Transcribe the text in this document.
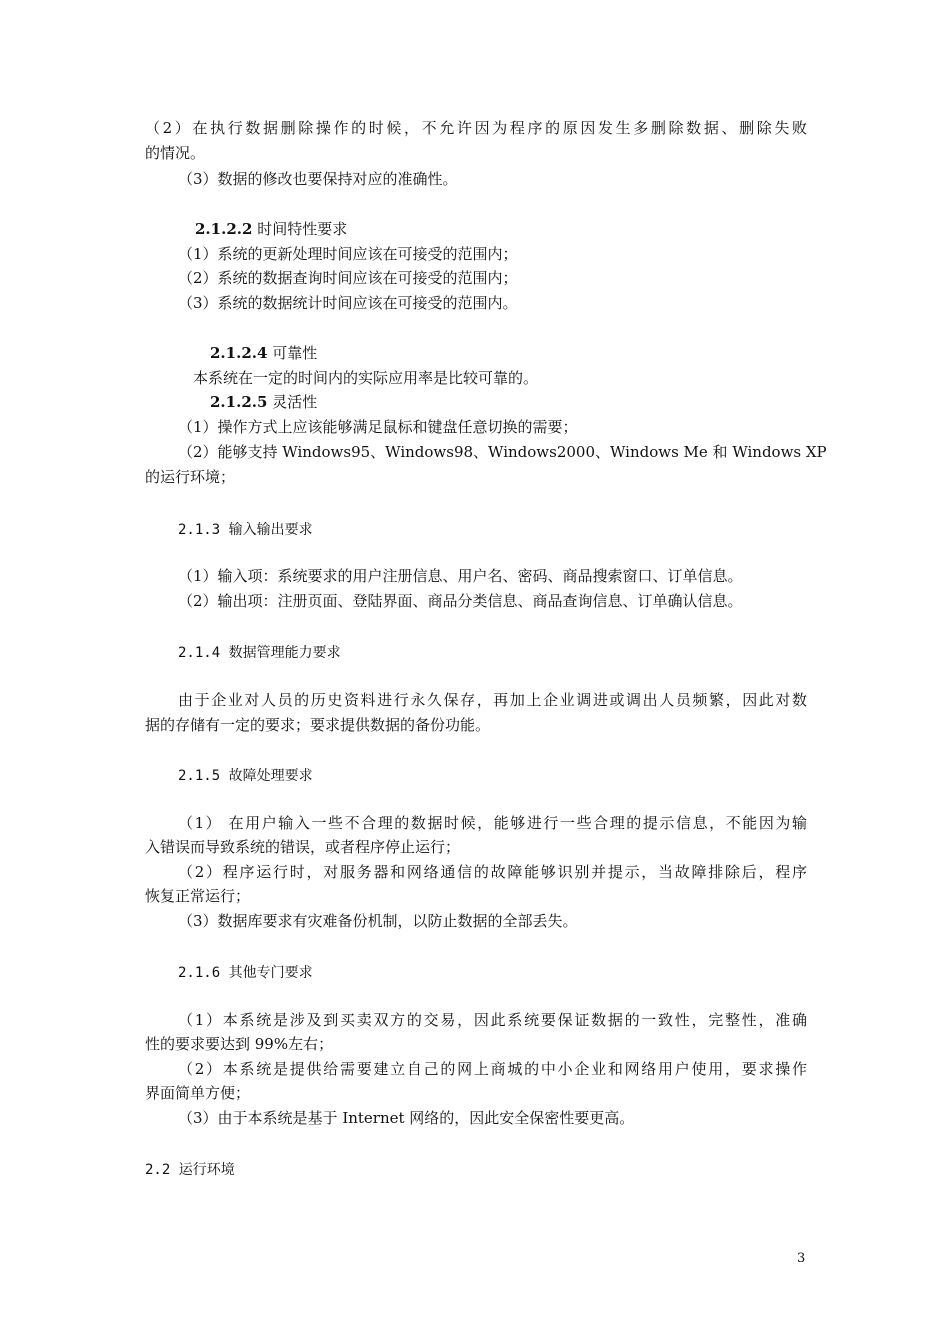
（2）在执行数据删除操作的时候，不允许因为程序的原因发生多删除数据、删除失败
的情况。
（3）数据的修改也要保持对应的准确性。
2.1.2.2 时间特性要求
（1）系统的更新处理时间应该在可接受的范围内；
（2）系统的数据查询时间应该在可接受的范围内；
（3）系统的数据统计时间应该在可接受的范围内。
2.1.2.4 可靠性
本系统在一定的时间内的实际应用率是比较可靠的。
2.1.2.5 灵活性
（1）操作方式上应该能够满足鼠标和键盘任意切换的需要；
（2）能够支持 Windows95、Windows98、Windows2000、Windows Me 和 Windows XP
的运行环境；
2.1.3 输入输出要求
（1）输入项：系统要求的用户注册信息、用户名、密码、商品搜索窗口、订单信息。
（2）输出项：注册页面、登陆界面、商品分类信息、商品查询信息、订单确认信息。
2.1.4 数据管理能力要求
由于企业对人员的历史资料进行永久保存，再加上企业调进或调出人员频繁，因此对数
据的存储有一定的要求；要求提供数据的备份功能。
2.1.5 故障处理要求
（1） 在用户输入一些不合理的数据时候，能够进行一些合理的提示信息，不能因为输
入错误而导致系统的错误，或者程序停止运行；
（2）程序运行时，对服务器和网络通信的故障能够识别并提示，当故障排除后，程序
恢复正常运行；
（3）数据库要求有灾难备份机制，以防止数据的全部丢失。
2.1.6 其他专门要求
（1）本系统是涉及到买卖双方的交易，因此系统要保证数据的一致性，完整性，准确
性的要求要达到 99%左右；
（2）本系统是提供给需要建立自己的网上商城的中小企业和网络用户使用，要求操作
界面简单方便；
（3）由于本系统是基于 Internet 网络的，因此安全保密性要更高。
2.2 运行环境
3
